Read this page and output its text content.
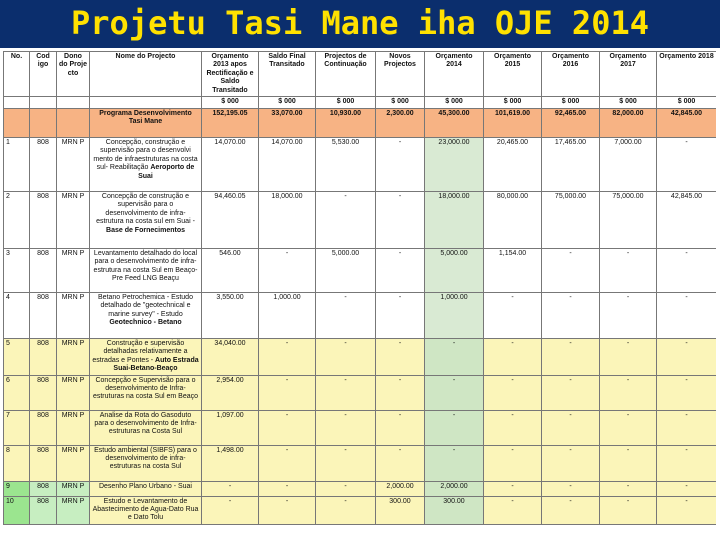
Projetu Tasi Mane iha OJE 2014
No.	Cod igo	Dono do Proje cto	Nome do Projecto	Orçamento 2013 apos Rectificação e Saldo Transitado	Saldo Final Transitado	Projectos de Continuação	Novos Projectos	Orçamento 2014	Orçamento 2015	Orçamento 2016	Orçamento 2017	Orçamento 2018
				$ 000	$ 000	$ 000	$ 000	$ 000	$ 000	$ 000	$ 000	$ 000
			Programa Desenvolvimento Tasi Mane	152,195.05	33,070.00	10,930.00	2,300.00	45,300.00	101,619.00	92,465.00	82,000.00	42,845.00
1	808	MRN P	Concepção, construção e supervisão para o desenvolvi mento de infraestruturas na costa sul- Reabilitação Aeroporto de Suai	14,070.00	14,070.00	5,530.00	-	23,000.00	20,465.00	17,465.00	7,000.00	-
2	808	MRN P	Concepção de construção e supervisão para o desenvolvimento de infra-estrutura na costa sul em Suai - Base de Fornecimentos	94,460.05	18,000.00	-	-	18,000.00	80,000.00	75,000.00	75,000.00	42,845.00
3	808	MRN P	Levantamento detalhado do local para o desenvolvimento de infra-estrutura na costa Sul em Beaço-Pre Feed LNG Beaçu	546.00	-	5,000.00	-	5,000.00	1,154.00	-	-	-
4	808	MRN P	Betano Petrochemica - Estudo detalhado de "geotechnical e marine survey" - Estudo Geotechnico - Betano	3,550.00	1,000.00	-	-	1,000.00	-	-	-	-
5	808	MRN P	Construção e supervisão detalhadas relativamente a estradas e Pontes - Auto Estrada Suai-Betano-Beaço	34,040.00	-	-	-	-	-	-	-	-
6	808	MRN P	Concepção e Supervisão para o desenvolvimento de Infra-estruturas na costa Sul em Beaço	2,954.00	-	-	-	-	-	-	-	-
7	808	MRN P	Analise da Rota do Gasoduto para o desenvolvimento de Infra-estruturas na Costa Sul	1,097.00	-	-	-	-	-	-	-	-
8	808	MRN P	Estudo ambiental (SIBFS) para o desenvolvimento de infra-estruturas na costa Sul	1,498.00	-	-	-	-	-	-	-	-
9	808	MRN P	Desenho Plano Urbano - Suai	-	-	-	2,000.00	2,000.00	-	-	-	-
10	808	MRN P	Estudo e Levantamento de Abastecimento de Agua-Dato Rua e Dato Tolu	-	-	-	300.00	300.00	-	-	-	-
